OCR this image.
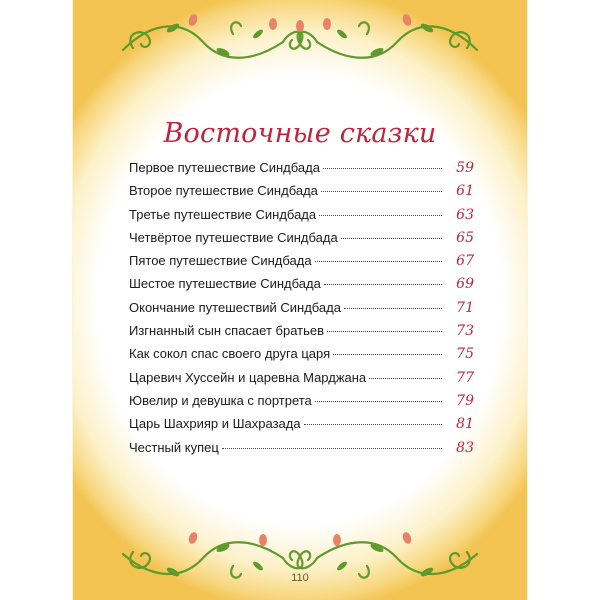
Восточные сказки
Первое путешествие Синдбада	59
Второе путешествие Синдбада	61
Третье путешествие Синдбада	63
Четвёртое путешествие Синдбада	65
Пятое путешествие Синдбада	67
Шестое путешествие Синдбада	69
Окончание путешествий Синдбада	71
Изгнанный сын спасает братьев	73
Как сокол спас своего друга царя	75
Царевич Хуссейн и царевна Марджана	77
Ювелир и девушка с портрета	79
Царь Шахрияр и Шахразада	81
Честный купец	83
110
